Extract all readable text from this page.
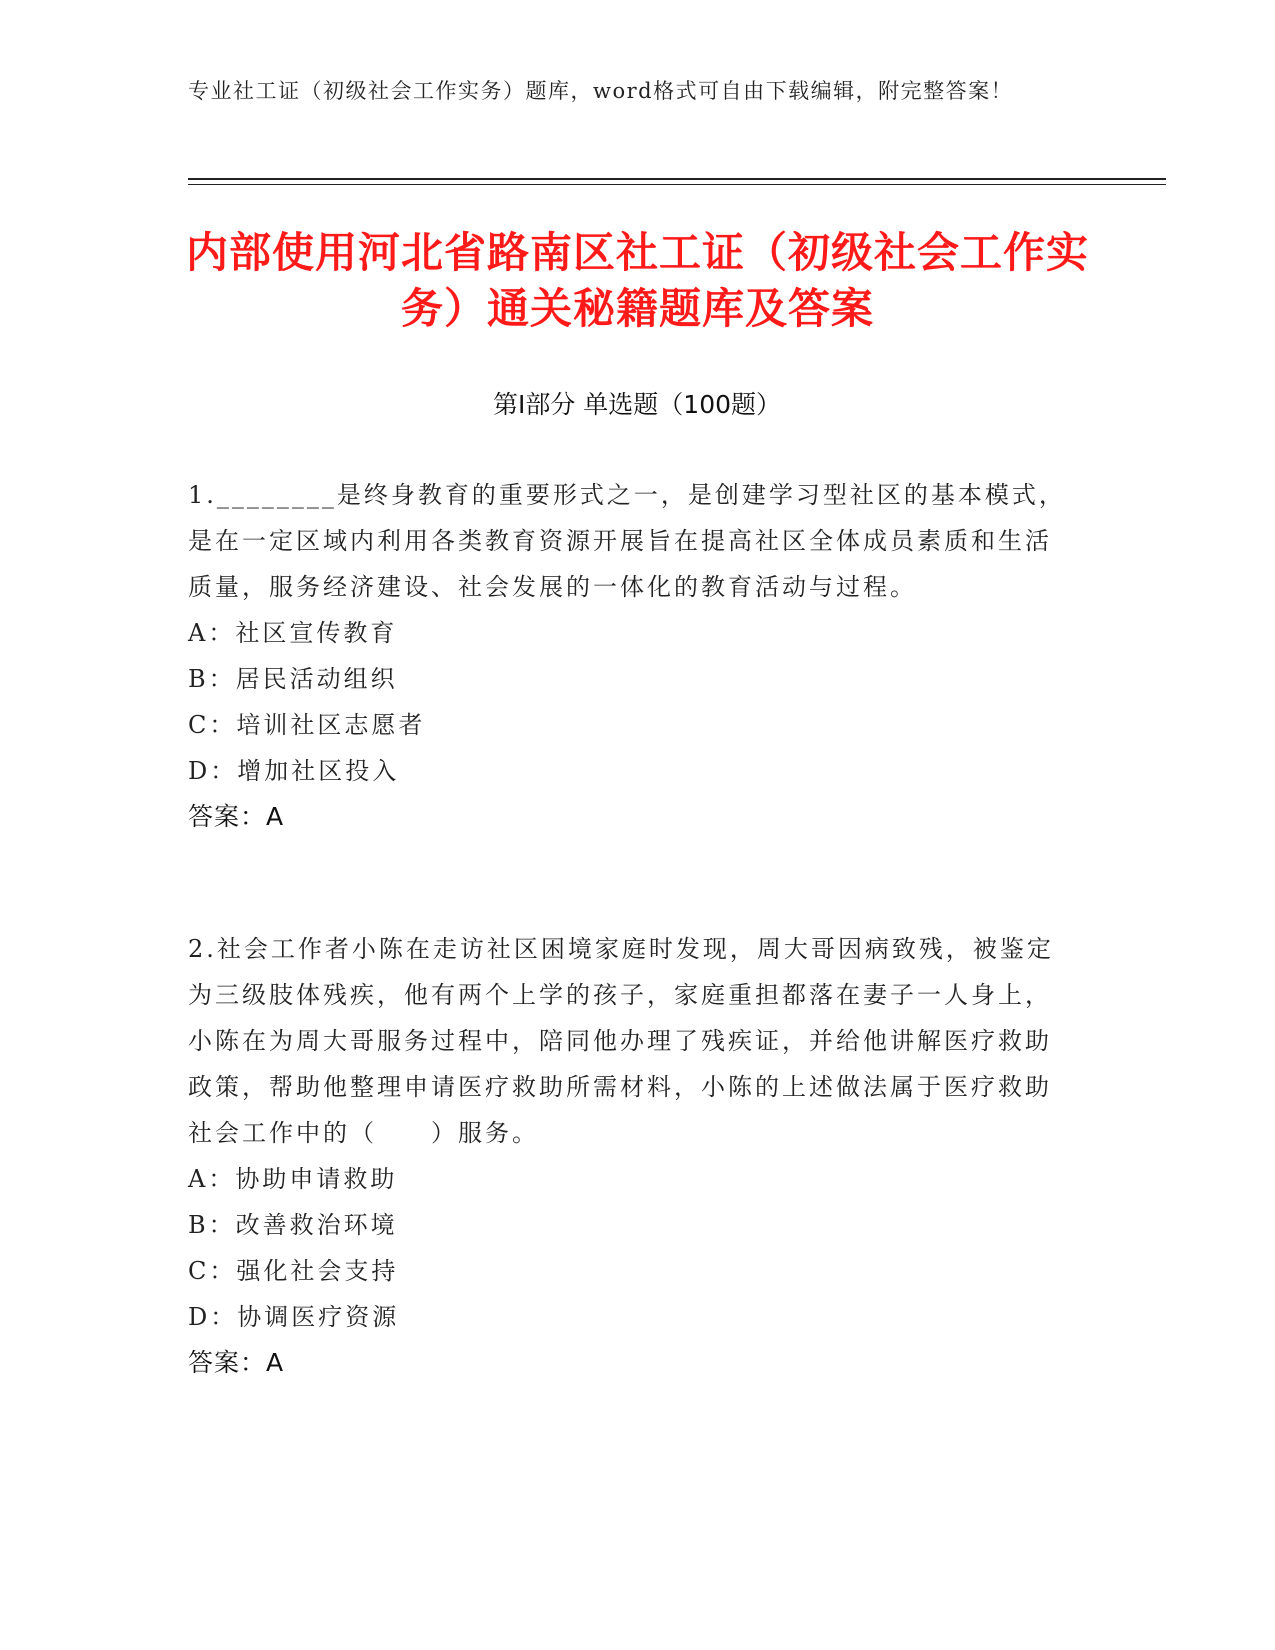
专业社工证（初级社会工作实务）题库，word格式可自由下载编辑，附完整答案！
内部使用河北省路南区社工证（初级社会工作实务）通关秘籍题库及答案
第Ⅰ部分 单选题（100题）

1.________是终身教育的重要形式之一，是创建学习型社区的基本模式，是在一定区域内利用各类教育资源开展旨在提高社区全体成员素质和生活质量，服务经济建设、社会发展的一体化的教育活动与过程。

A：社区宣传教育

B：居民活动组织

C：培训社区志愿者

D：增加社区投入

答案：A

2.社会工作者小陈在走访社区困境家庭时发现，周大哥因病致残，被鉴定为三级肢体残疾，他有两个上学的孩子，家庭重担都落在妻子一人身上，小陈在为周大哥服务过程中，陪同他办理了残疾证，并给他讲解医疗救助政策，帮助他整理申请医疗救助所需材料，小陈的上述做法属于医疗救助社会工作中的（　　）服务。

A：协助申请救助

B：改善救治环境

C：强化社会支持

D：协调医疗资源

答案：A
